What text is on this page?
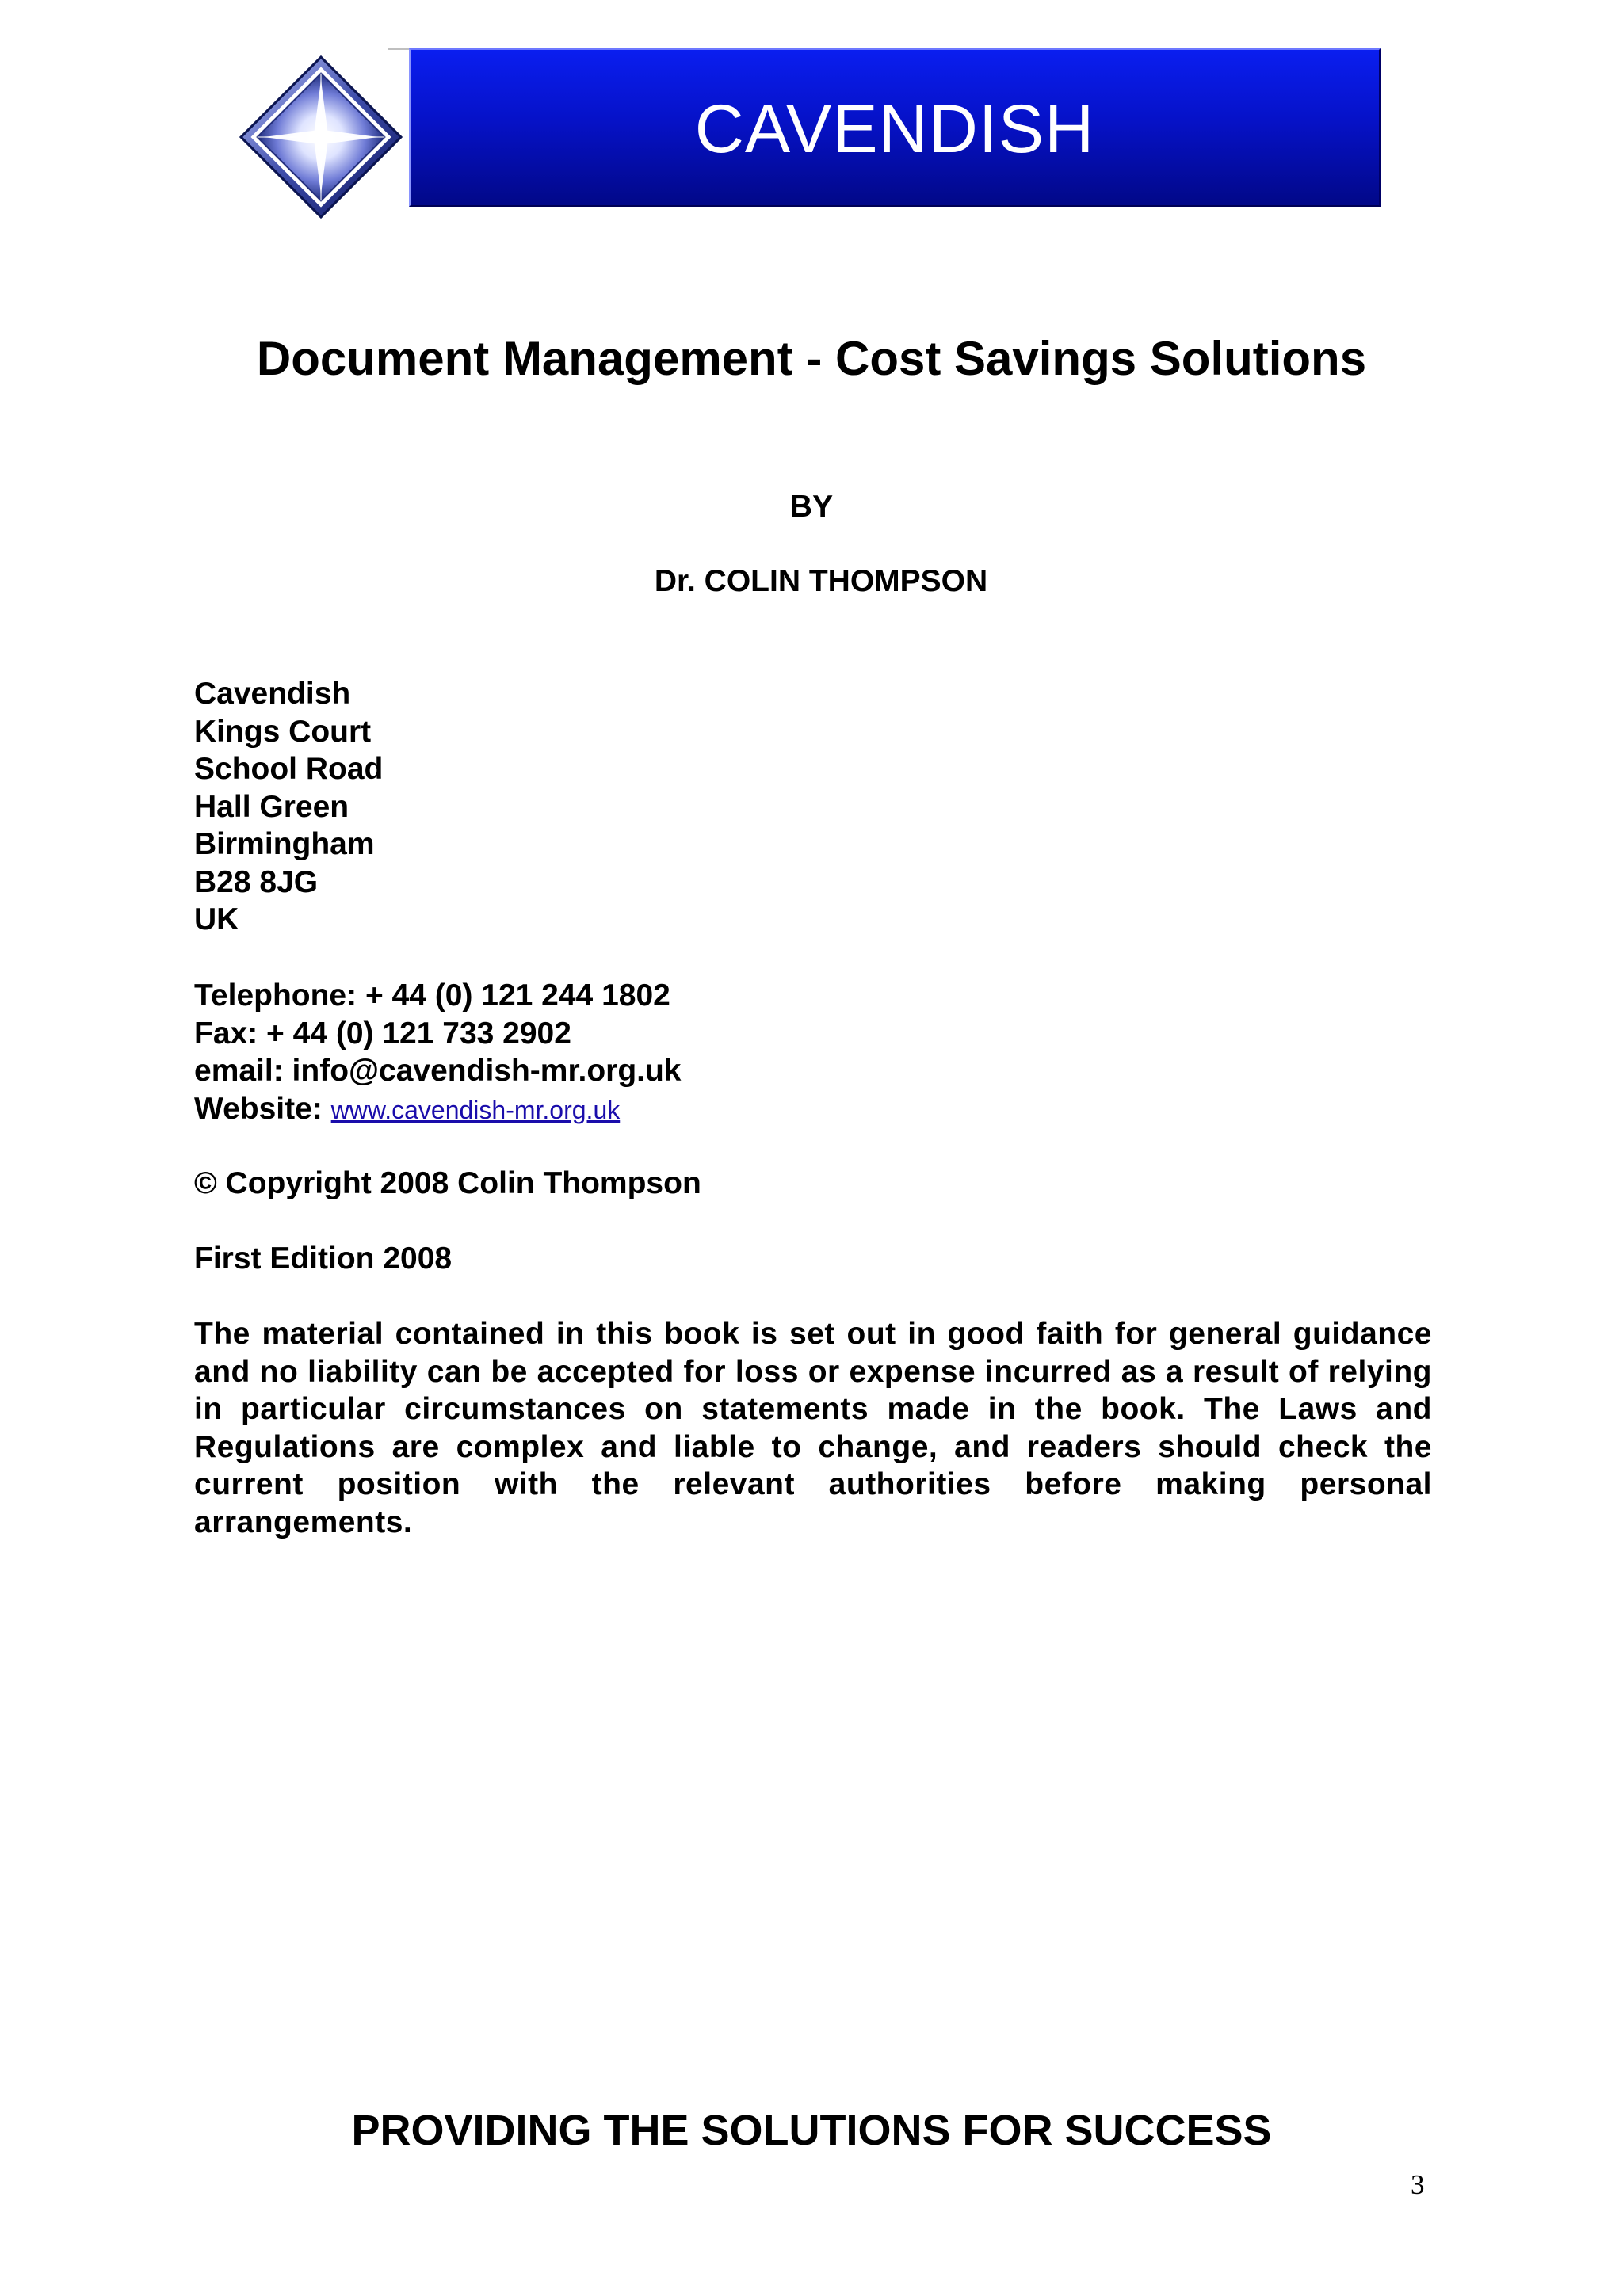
CAVENDISH
Document Management - Cost Savings Solutions
BY
Dr. COLIN THOMPSON
Cavendish
Kings Court
School Road
Hall Green
Birmingham
B28 8JG
UK
Telephone: + 44 (0) 121 244 1802
Fax: + 44 (0) 121 733 2902
email: info@cavendish-mr.org.uk
Website: www.cavendish-mr.org.uk
© Copyright 2008 Colin Thompson
First Edition 2008

The material contained in this book is set out in good faith for general guidance and no liability can be accepted for loss or expense incurred as a result of relying in particular circumstances on statements made in the book. The Laws and Regulations are complex and liable to change, and readers should check the current position with the relevant authorities before making personal arrangements.

PROVIDING THE SOLUTIONS FOR SUCCESS
3
